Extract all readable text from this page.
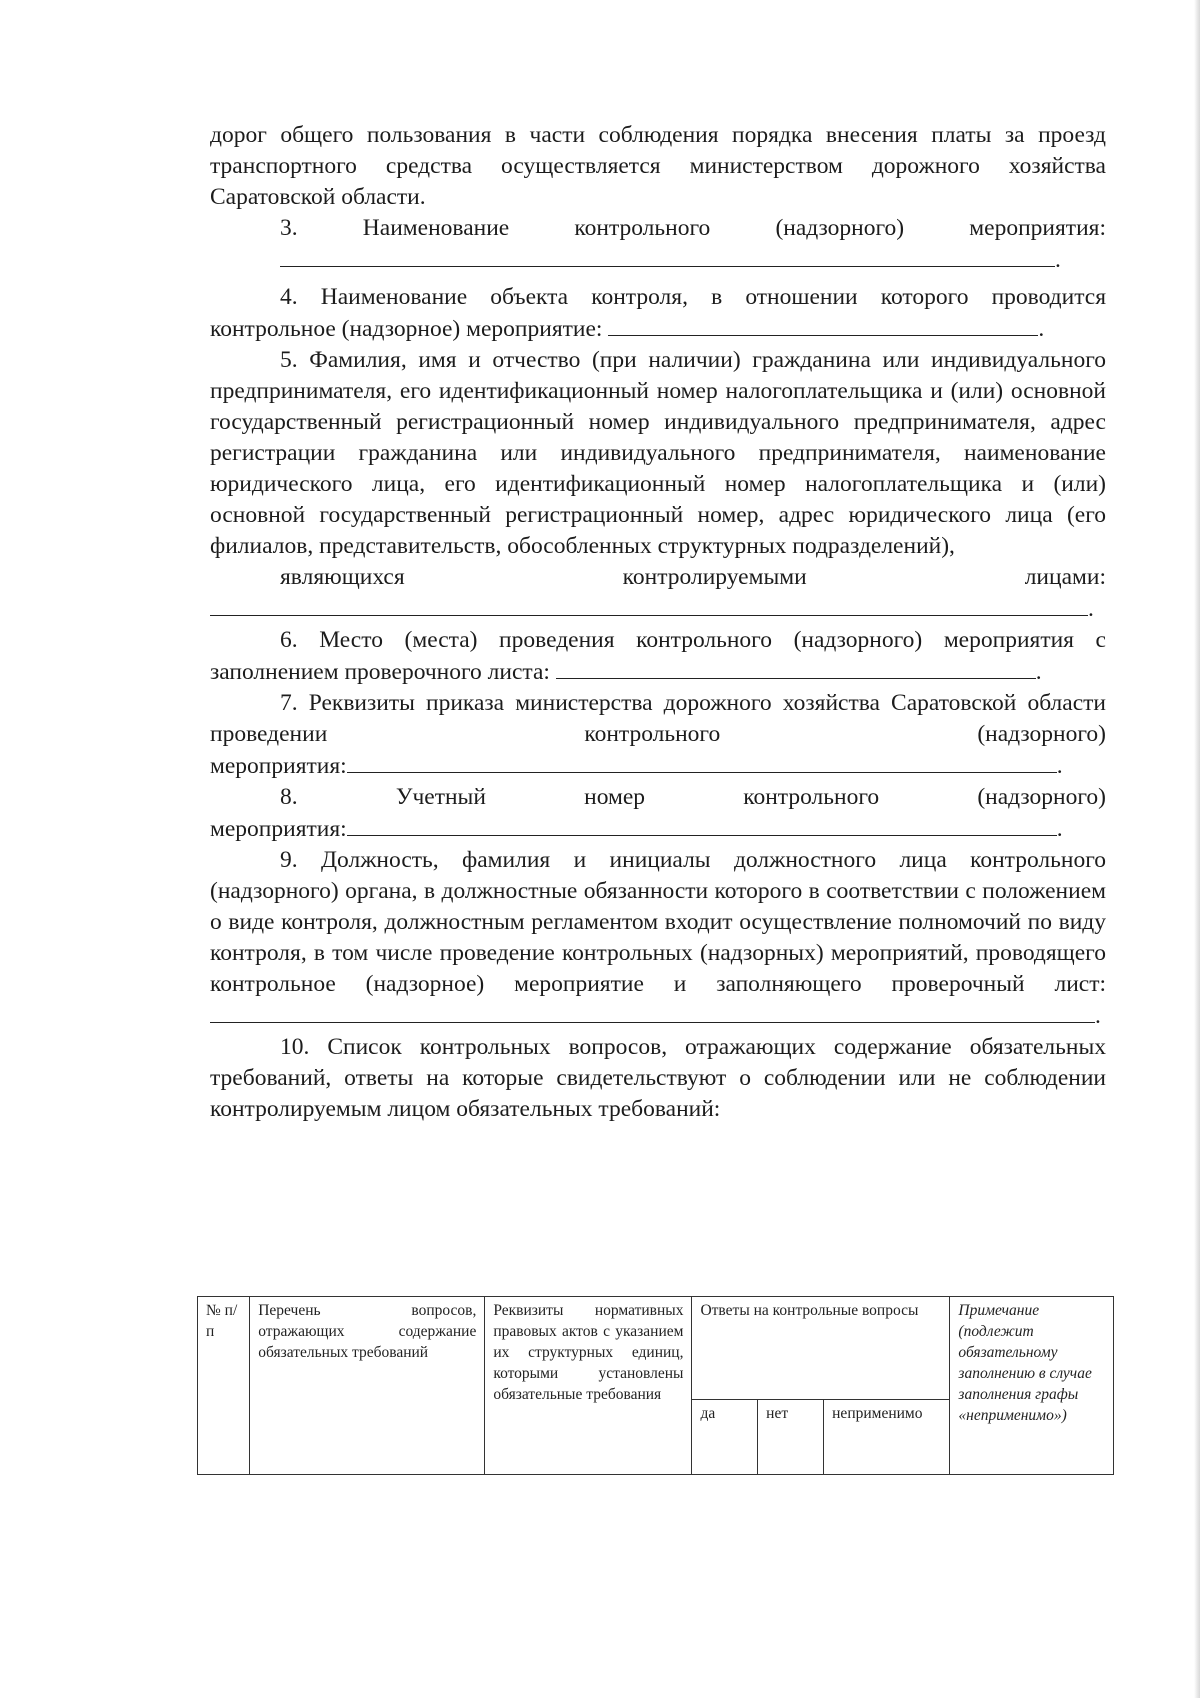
дорог общего пользования в части соблюдения порядка внесения платы за проезд транспортного средства осуществляется министерством дорожного хозяйства Саратовской области.

3. Наименование контрольного (надзорного) мероприятия:

.

4. Наименование объекта контроля, в отношении которого проводится контрольное (надзорное) мероприятие:	.

5. Фамилия, имя и отчество (при наличии) гражданина или индивидуального предпринимателя, его идентификационный номер налогоплательщика и (или) основной государственный регистрационный номер индивидуального предпринимателя, адрес регистрации гражданина или индивидуального предпринимателя, наименование юридического лица, его идентификационный номер налогоплательщика и (или) основной государственный регистрационный номер, адрес юридического лица (его филиалов, представительств, обособленных структурных подразделений),

являющихся контролируемыми лицами:

.

6. Место (места) проведения контрольного (надзорного) мероприятия с заполнением проверочного листа:	.

7. Реквизиты приказа министерства дорожного хозяйства Саратовской области проведении контрольного (надзорного)

мероприятия:	.

8. Учетный номер контрольного (надзорного)

мероприятия:	.

9. Должность, фамилия и инициалы должностного лица контрольного (надзорного) органа, в должностные обязанности которого в соответствии с положением о виде контроля, должностным регламентом входит осуществление полномочий по виду контроля, в том числе проведение контрольных (надзорных) мероприятий, проводящего контрольное (надзорное) мероприятие и заполняющего проверочный лист:

.

10. Список контрольных вопросов, отражающих содержание обязательных требований, ответы на которые свидетельствуют о соблюдении или не соблюдении контролируемым лицом обязательных требований:

№ п/п	Перечень вопросов, отражающих содержание обязательных требований	Реквизиты нормативных правовых актов с указанием их структурных единиц, которыми установлены обязательные требования	Ответы на контрольные вопросы			Примечание (подлежит обязательному заполнению в случае заполнения графы «неприменимо»)
			да	нет	неприменимо	
